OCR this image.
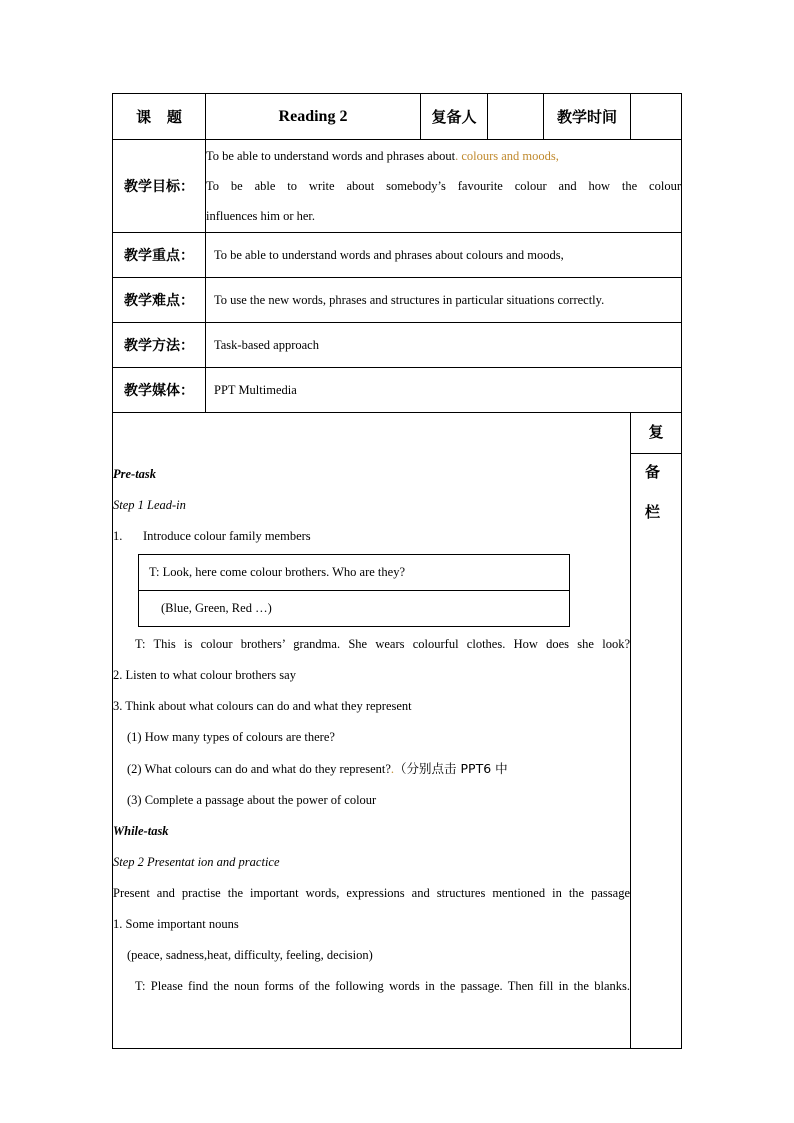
课 题	Reading 2	复备人		教学时间	
教学目标：	
To be able to understand words and phrases about. colours and moods,
To be able to write about somebody’s favourite colour and how the colour
influences him or her.

教学重点：	To be able to understand words and phrases about colours and moods,
教学难点：	To use the new words, phrases and structures in particular situations correctly.
教学方法：	Task-based approach
教学媒体：	PPT Multimedia

Pre-task
Step 1 Lead-in
1. Introduce colour family members
T: Look, here come colour brothers. Who are they?
(Blue, Green, Red …)
T: This is colour brothers’ grandma. She wears colourful clothes. How does she look?
2. Listen to what colour brothers say
3. Think about what colours can do and what they represent
(1) How many types of colours are there?
(2) What colours can do and what do they represent?.（分别点击 PPT6 中
(3) Complete a passage about the power of colour
While-task
Step 2 Presentat ion and practice
Present and practise the important words, expressions and structures mentioned in the passage
1. Some important nouns
(peace, sadness,heat, difficulty, feeling, decision)
T: Please find the noun forms of the following words in the passage. Then fill in the blanks.

复 备 栏
